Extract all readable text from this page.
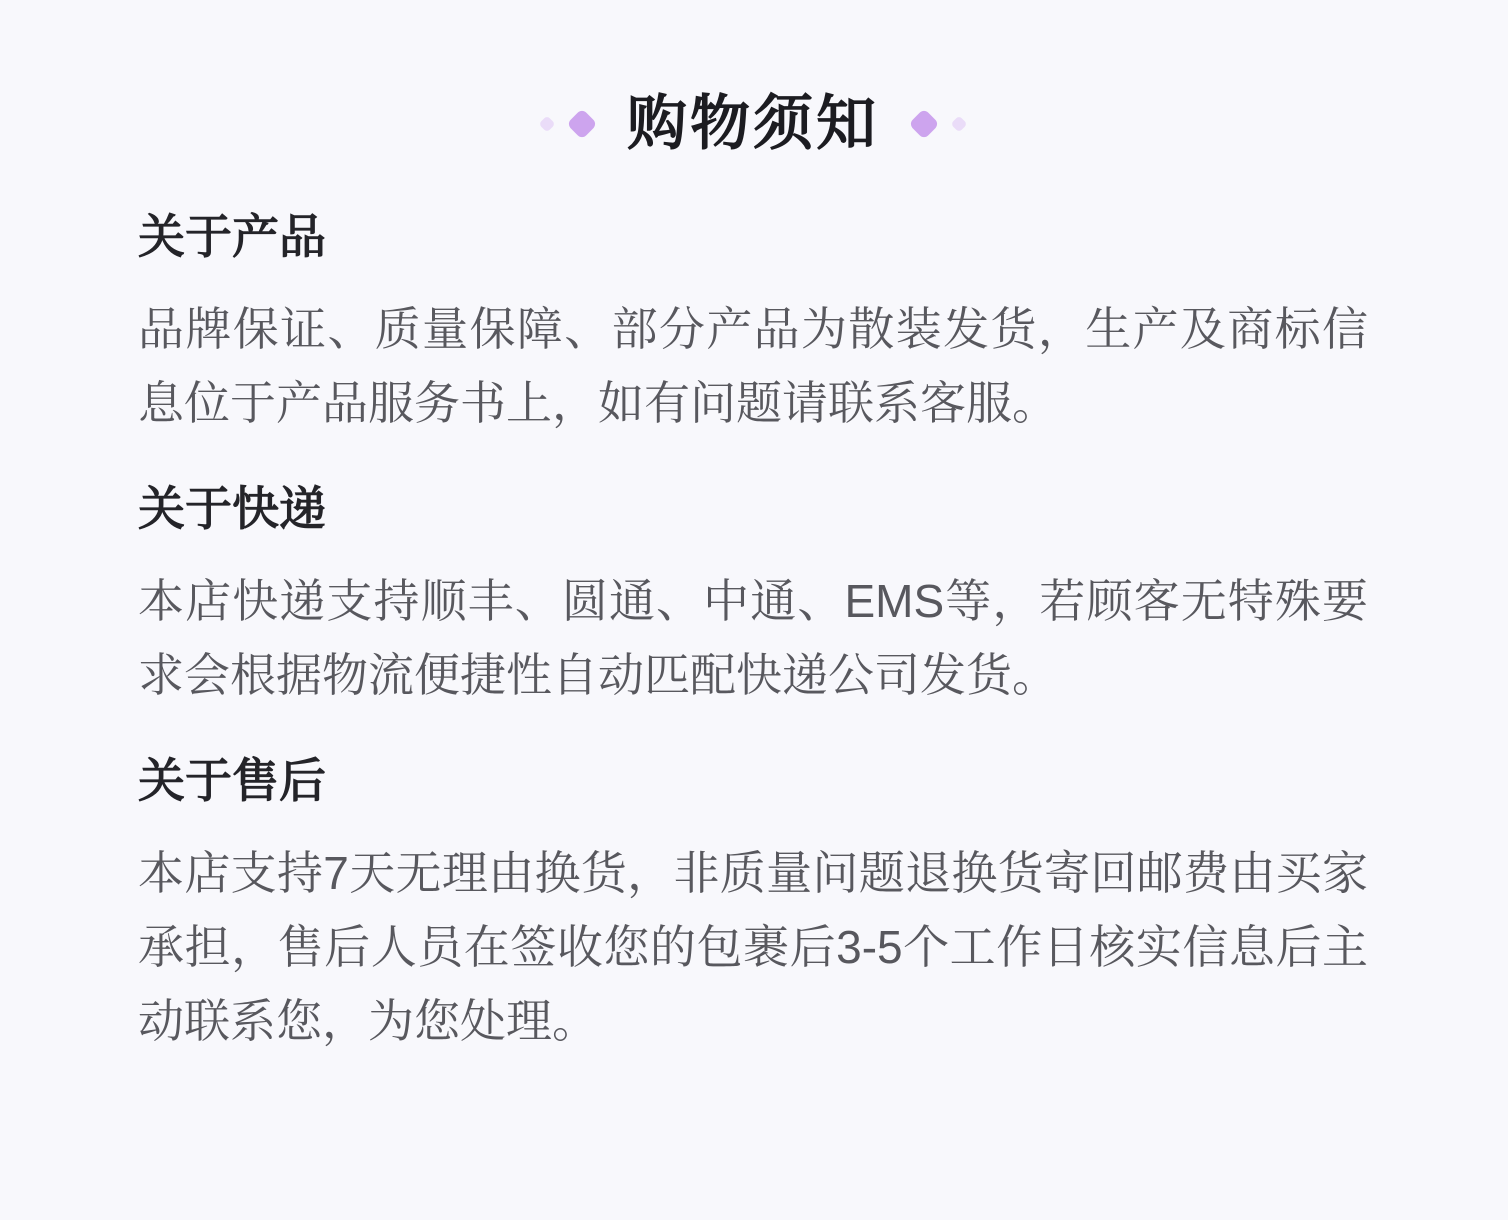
购物须知
关于产品

品牌保证、质量保障、部分产品为散装发货，生产及商标信息位于产品服务书上，如有问题请联系客服。

关于快递

本店快递支持顺丰、圆通、中通、EMS等，若顾客无特殊要求会根据物流便捷性自动匹配快递公司发货。

关于售后

本店支持7天无理由换货，非质量问题退换货寄回邮费由买家承担，售后人员在签收您的包裹后3-5个工作日核实信息后主动联系您，为您处理。
